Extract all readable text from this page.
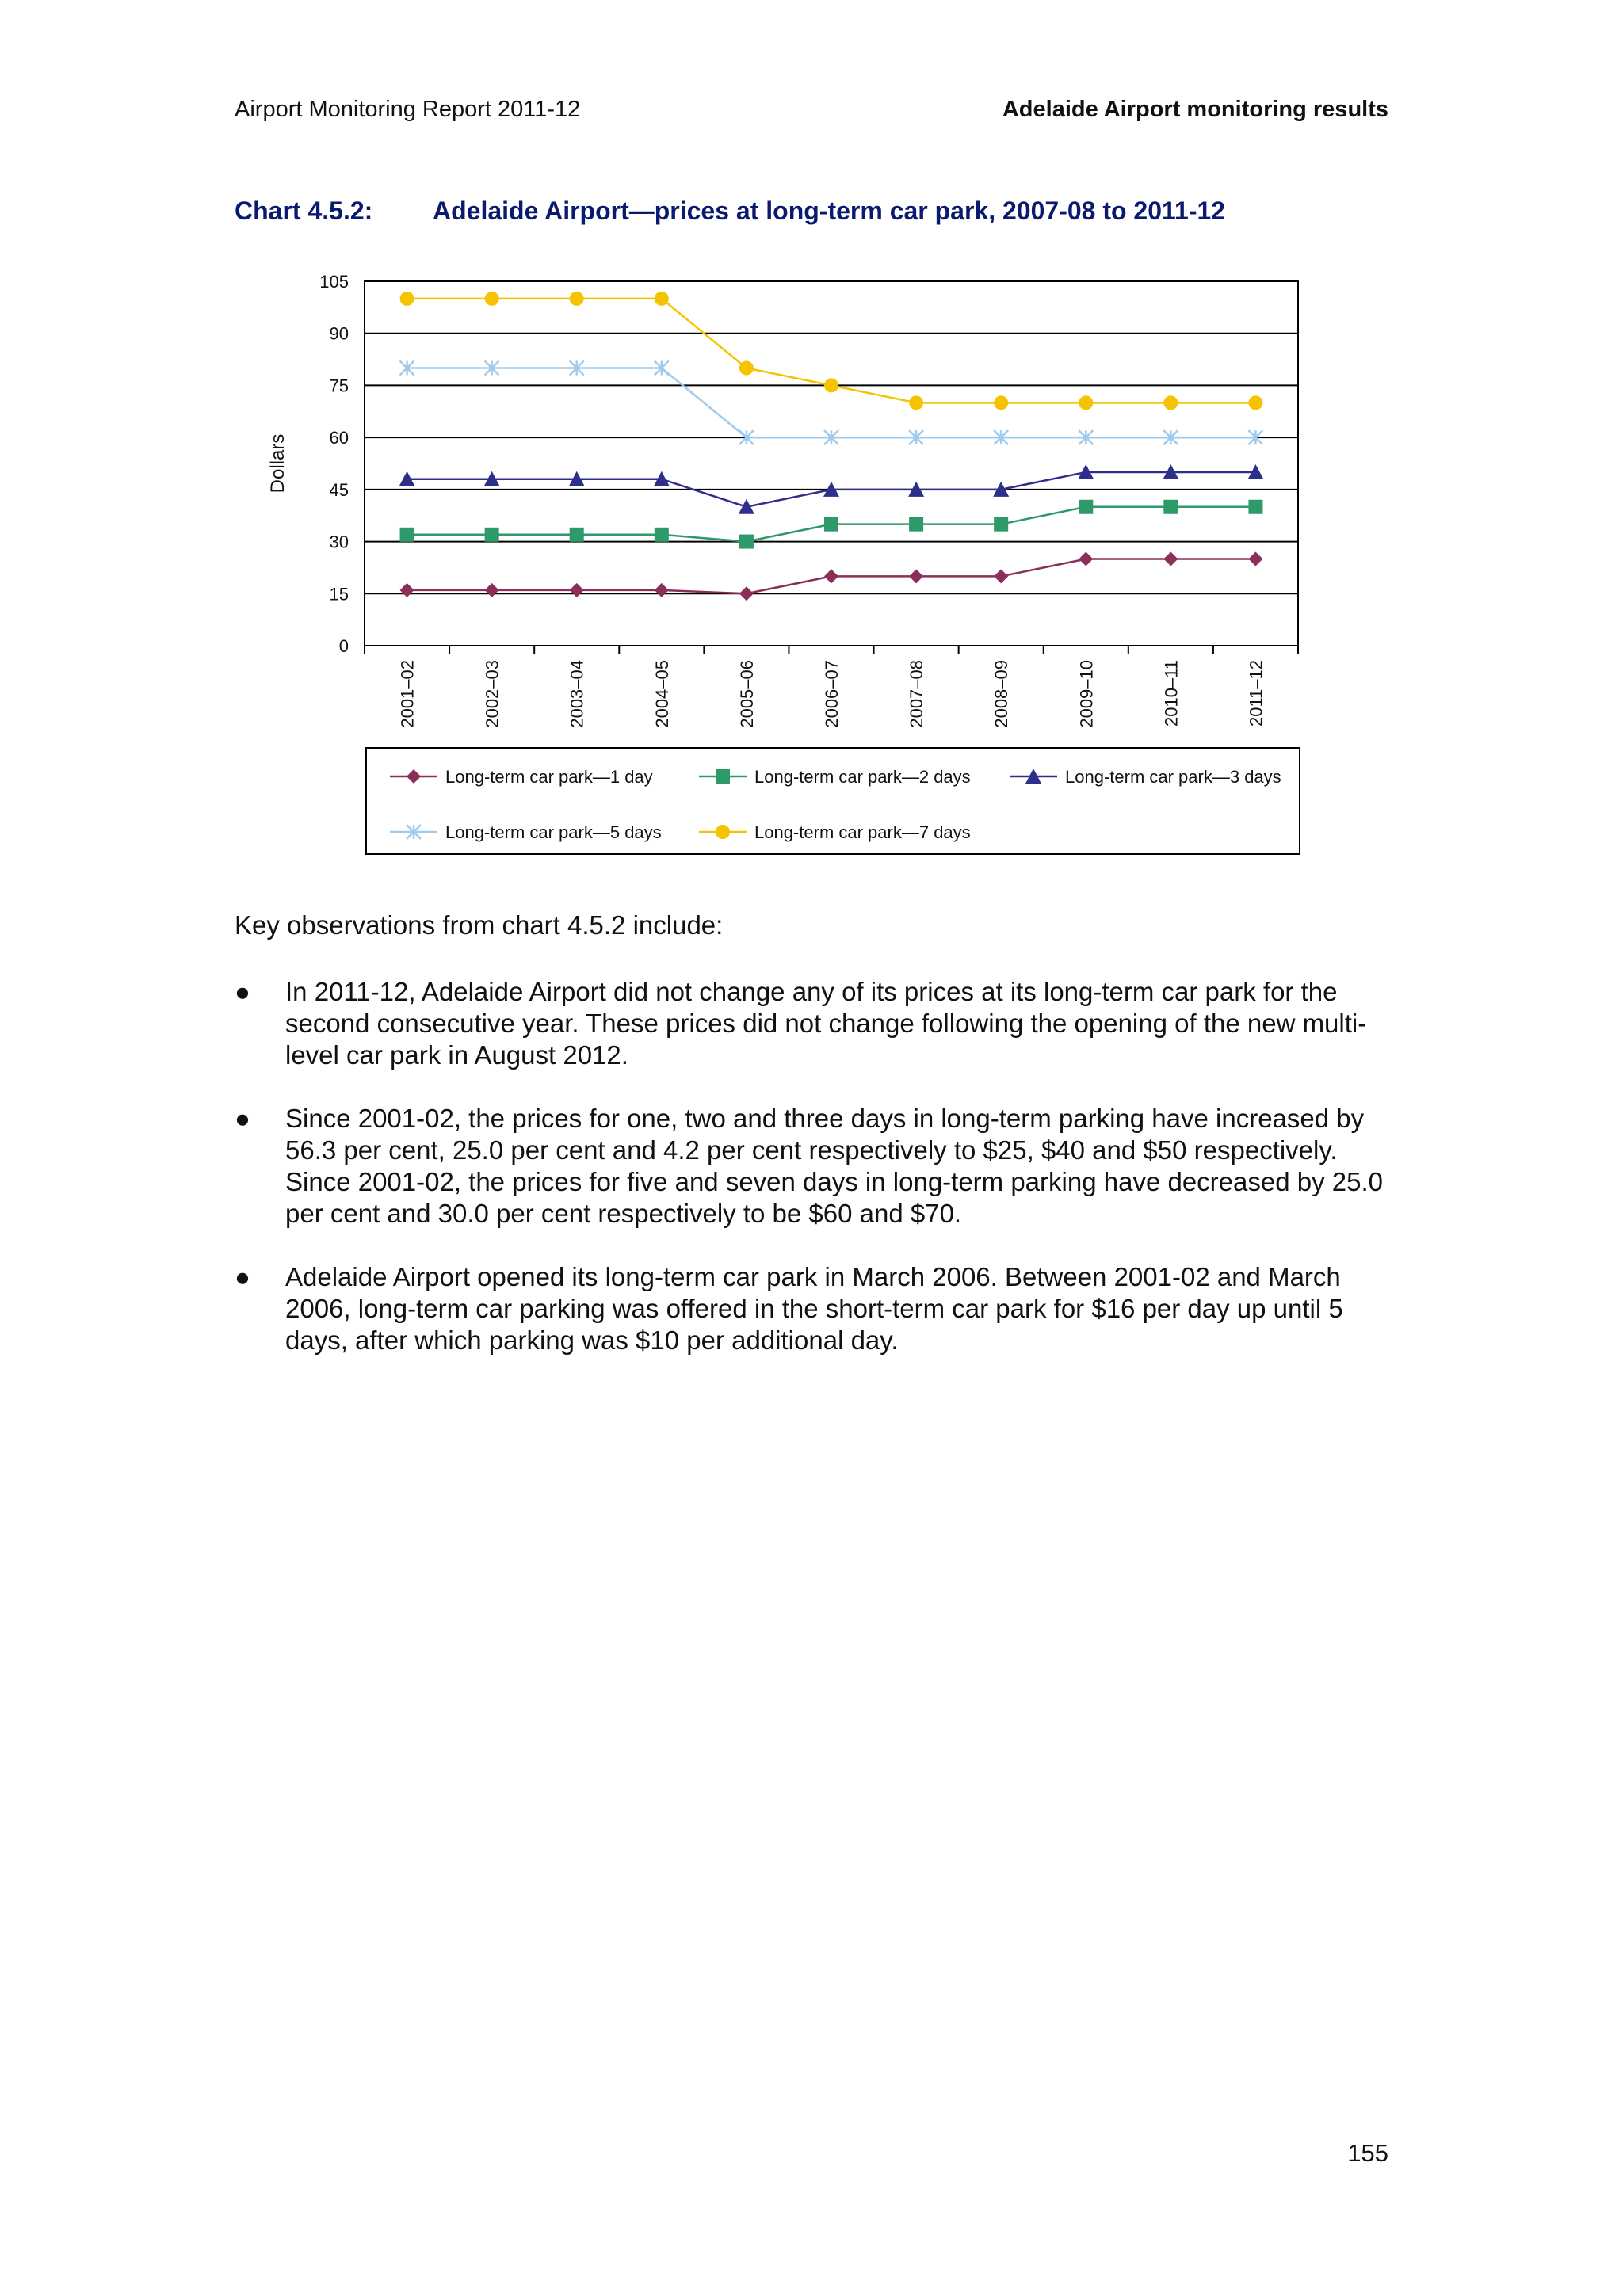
Airport Monitoring Report 2011-12	Adelaide Airport monitoring results
Chart 4.5.2: Adelaide Airport—prices at long-term car park, 2007-08 to 2011-12
0
15
30
45
60
75
90
105
Dollars
2001–02	2002–03	2003–04	2004–05	2005–06	2006–07	2007–08	2008–09	2009–10	2010–11	2011–12
Long-term car park—1 day	Long-term car park—2 days	Long-term car park—3 days
Long-term car park—5 days	Long-term car park—7 days

Key observations from chart 4.5.2 include:

● In 2011-12, Adelaide Airport did not change any of its prices at its long-term car park for the second consecutive year. These prices did not change following the opening of the new multi-level car park in August 2012.
● Since 2001-02, the prices for one, two and three days in long-term parking have increased by 56.3 per cent, 25.0 per cent and 4.2 per cent respectively to $25, $40 and $50 respectively. Since 2001-02, the prices for five and seven days in long-term parking have decreased by 25.0 per cent and 30.0 per cent respectively to be $60 and $70.
● Adelaide Airport opened its long-term car park in March 2006. Between 2001-02 and March 2006, long-term car parking was offered in the short-term car park for $16 per day up until 5 days, after which parking was $10 per additional day.
155
